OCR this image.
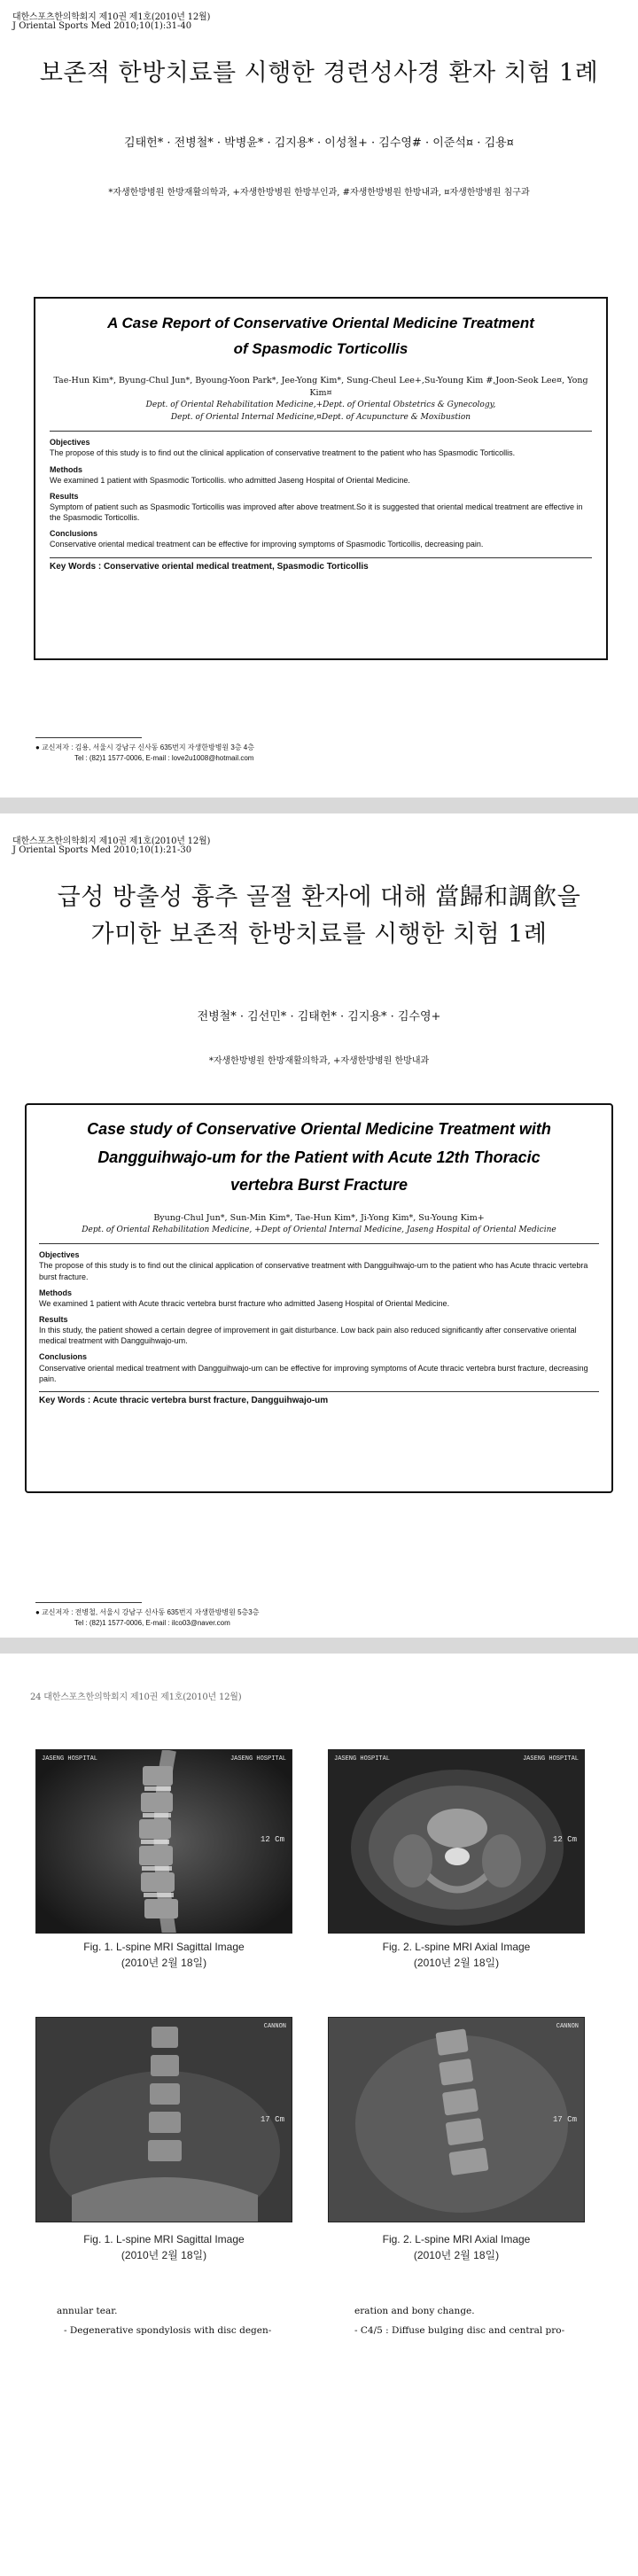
대한스포츠한의학회지 제10권 제1호(2010년 12월)
J Oriental Sports Med 2010;10(1):31-40
보존적 한방치료를 시행한 경련성사경 환자 치험 1례
김태헌* · 전병철* · 박병윤* · 김지용* · 이성철+ · 김수영# · 이준석¤ · 김용¤
*자생한방병원 한방재활의학과, +자생한방병원 한방부인과, #자생한방병원 한방내과, ¤자생한방병원 침구과
A Case Report of Conservative Oriental Medicine Treatment
of Spasmodic Torticollis
Tae-Hun Kim*, Byung-Chul Jun*, Byoung-Yoon Park*, Jee-Yong Kim*, Sung-Cheul Lee+,Su-Young Kim #,Joon-Seok Lee¤, Yong Kim¤
Dept. of Oriental Rehabilitation Medicine,+Dept. of Oriental Obstetrics & Gynecology,
Dept. of Oriental Internal Medicine,¤Dept. of Acupuncture & Moxibustion
Objectives
The propose of this study is to find out the clinical application of conservative treatment to the patient who has Spasmodic Torticollis.
Methods
We examined 1 patient with Spasmodic Torticollis. who admitted Jaseng Hospital of Oriental Medicine.
Results
Symptom of patient such as Spasmodic Torticollis was improved after above treatment.So it is suggested that oriental medical treatment are effective in the Spasmodic Torticollis.
Conclusions
Conservative oriental medical treatment can be effective for improving symptoms of Spasmodic Torticollis, decreasing pain.
Key Words : Conservative oriental medical treatment, Spasmodic Torticollis
● 교신저자 : 김용, 서울시 강남구 신사동 635번지 자생한방병원 3층 4층
Tel : (82)1 1577-0006, E-mail : love2u1008@hotmail.com
대한스포츠한의학회지 제10권 제1호(2010년 12월)
J Oriental Sports Med 2010;10(1):21-30
급성 방출성 흉추 골절 환자에 대해 當歸和調飮을
가미한 보존적 한방치료를 시행한 치험 1례
전병철* · 김선민* · 김태헌* · 김지용* · 김수영+
*자생한방병원 한방재활의학과, +자생한방병원 한방내과
Case study of Conservative Oriental Medicine Treatment with
Dangguihwajo-um for the Patient with Acute 12th Thoracic
vertebra Burst Fracture
Byung-Chul Jun*, Sun-Min Kim*, Tae-Hun Kim*, Ji-Yong Kim*, Su-Young Kim+
Dept. of Oriental Rehabilitation Medicine, +Dept of Oriental Internal Medicine, Jaseng Hospital of Oriental Medicine
Objectives
The propose of this study is to find out the clinical application of conservative treatment with Dangguihwajo-um to the patient who has Acute thracic vertebra burst fracture.
Methods
We examined 1 patient with Acute thracic vertebra burst fracture who admitted Jaseng Hospital of Oriental Medicine.
Results
In this study, the patient showed a certain degree of improvement in gait disturbance. Low back pain also reduced significantly after conservative oriental medical treatment with Dangguihwajo-um.
Conclusions
Conservative oriental medical treatment with Dangguihwajo-um can be effective for improving symptoms of Acute thracic vertebra burst fracture, decreasing pain.
Key Words : Acute thracic vertebra burst fracture, Dangguihwajo-um
● 교신저자 : 전병철, 서울시 강남구 신사동 635번지 자생한방병원 5층3층
Tel : (82)1 1577-0006, E-mail : ilco03@naver.com
24 대한스포츠한의학회지 제10권 제1호(2010년 12월)
JASENG HOSPITAL	JASENG HOSPITAL
12 Cm
Fig. 1. L-spine MRI Sagittal Image
(2010년 2월 18일)
JASENG HOSPITAL	JASENG HOSPITAL
12 Cm
Fig. 2. L-spine MRI Axial Image
(2010년 2월 18일)
CANNON
17 Cm
Fig. 1. L-spine MRI Sagittal Image
(2010년 2월 18일)
CANNON
17 Cm
Fig. 2. L-spine MRI Axial Image
(2010년 2월 18일)
annular tear.
- Degenerative spondylosis with disc degen-
eration and bony change.
- C4/5 : Diffuse bulging disc and central pro-
